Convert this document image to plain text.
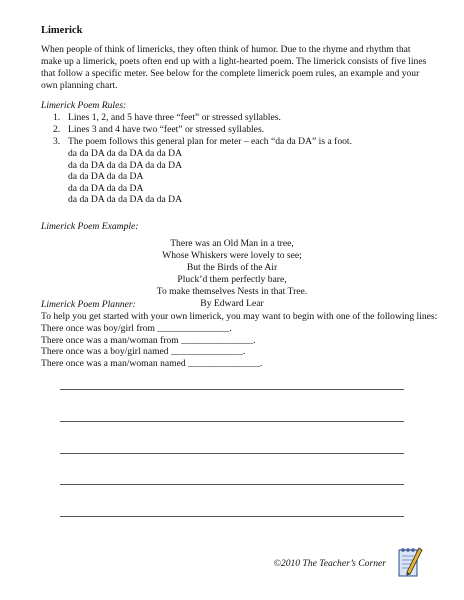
Limerick
When people of think of limericks, they often think of humor. Due to the rhyme and rhythm that make up a limerick, poets often end up with a light-hearted poem. The limerick consists of five lines that follow a specific meter. See below for the complete limerick poem rules, an example and your own planning chart.
Limerick Poem Rules:
1. Lines 1, 2, and 5 have three “feet” or stressed syllables.
2. Lines 3 and 4 have two “feet” or stressed syllables.
3. The poem follows this general plan for meter – each “da da DA” is a foot.
da da DA da da DA da da DA
da da DA da da DA da da DA
da da DA da da DA
da da DA da da DA
da da DA da da DA da da DA
Limerick Poem Example:
There was an Old Man in a tree,
Whose Whiskers were lovely to see;
But the Birds of the Air
Pluck’d them perfectly bare,
To make themselves Nests in that Tree.
By Edward Lear
Limerick Poem Planner:
To help you get started with your own limerick, you may want to begin with one of the following lines:
There once was boy/girl from _______________.
There once was a man/woman from _______________.
There once was a boy/girl named _______________.
There once was a man/woman named _______________.
©2010 The Teacher’s Corner
